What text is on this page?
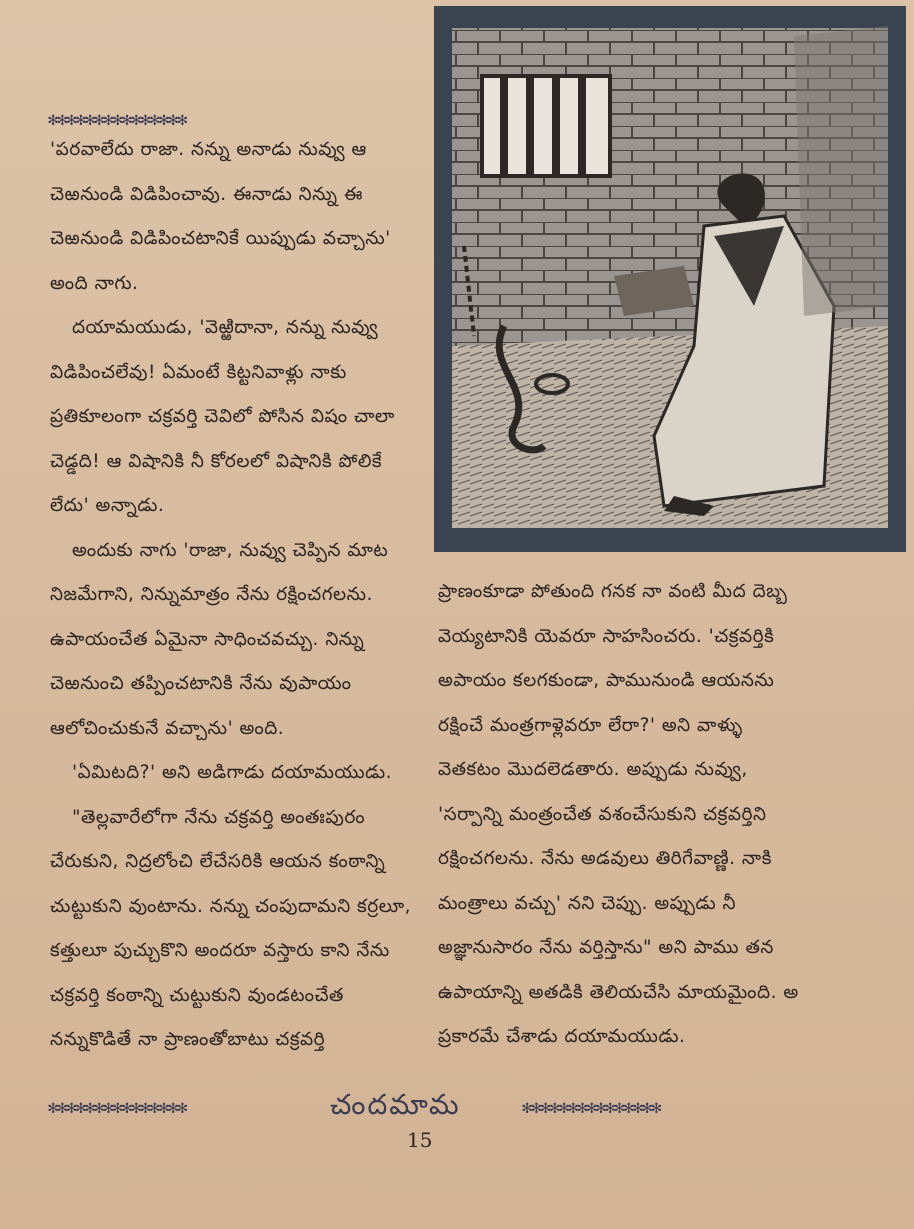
✻✻✻✻✻✻✻✻✻✻✻✻✻✻✻

'పరవాలేదు రాజా. నన్ను అనాడు నువ్వు ఆ చెఱనుండి విడిపించావు. ఈనాడు నిన్ను ఈ చెఱనుండి విడిపించటానికే యిప్పుడు వచ్చాను' అంది నాగు.

దయామయుడు, 'వెఱ్ఱిదానా, నన్ను నువ్వు విడిపించలేవు! ఏమంటే కిట్టనివాళ్లు నాకు ప్రతికూలంగా చక్రవర్తి చెవిలో పోసిన విషం చాలా చెడ్డది! ఆ విషానికి నీ కోరలలో విషానికి పోలికే లేదు' అన్నాడు.

అందుకు నాగు 'రాజా, నువ్వు చెప్పిన మాట నిజమేగాని, నిన్నుమాత్రం నేను రక్షించగలను. ఉపాయంచేత ఏమైనా సాధించవచ్చు. నిన్ను చెఱనుంచి తప్పించటానికి నేను వుపాయం ఆలోచించుకునే వచ్చాను' అంది.

'ఏమిటది?' అని అడిగాడు దయామయుడు.

"తెల్లవారేలోగా నేను చక్రవర్తి అంతఃపురం చేరుకుని, నిద్రలోంచి లేచేసరికి ఆయన కంఠాన్ని చుట్టుకుని వుంటాను. నన్ను చంపుదామని కర్రలూ, కత్తులూ పుచ్చుకొని అందరూ వస్తారు కాని నేను చక్రవర్తి కంఠాన్ని చుట్టుకుని వుండటంచేత నన్నుకొడితే నా ప్రాణంతోబాటు చక్రవర్తి

ప్రాణంకూడా పోతుంది గనక నా వంటి మీద దెబ్బ వెయ్యటానికి యెవరూ సాహసించరు. 'చక్రవర్తికి అపాయం కలగకుండా, పామునుండి ఆయనను రక్షించే మంత్రగాళ్లెవరూ లేరా?' అని వాళ్ళు వెతకటం మొదలెడతారు. అప్పుడు నువ్వు, 'సర్పాన్ని మంత్రంచేత వశంచేసుకుని చక్రవర్తిని రక్షించగలను. నేను అడవులు తిరిగేవాణ్ణి. నాకి మంత్రాలు వచ్చు' నని చెప్పు. అప్పుడు నీ అజ్ఞానుసారం నేను వర్తిస్తాను" అని పాము తన ఉపాయాన్ని అతడికి తెలియచేసి మాయమైంది. అ ప్రకారమే చేశాడు దయామయుడు.

✻✻✻✻✻✻✻✻✻✻✻✻✻✻✻	చందమామ	✻✻✻✻✻✻✻✻✻✻✻✻✻✻✻
15
